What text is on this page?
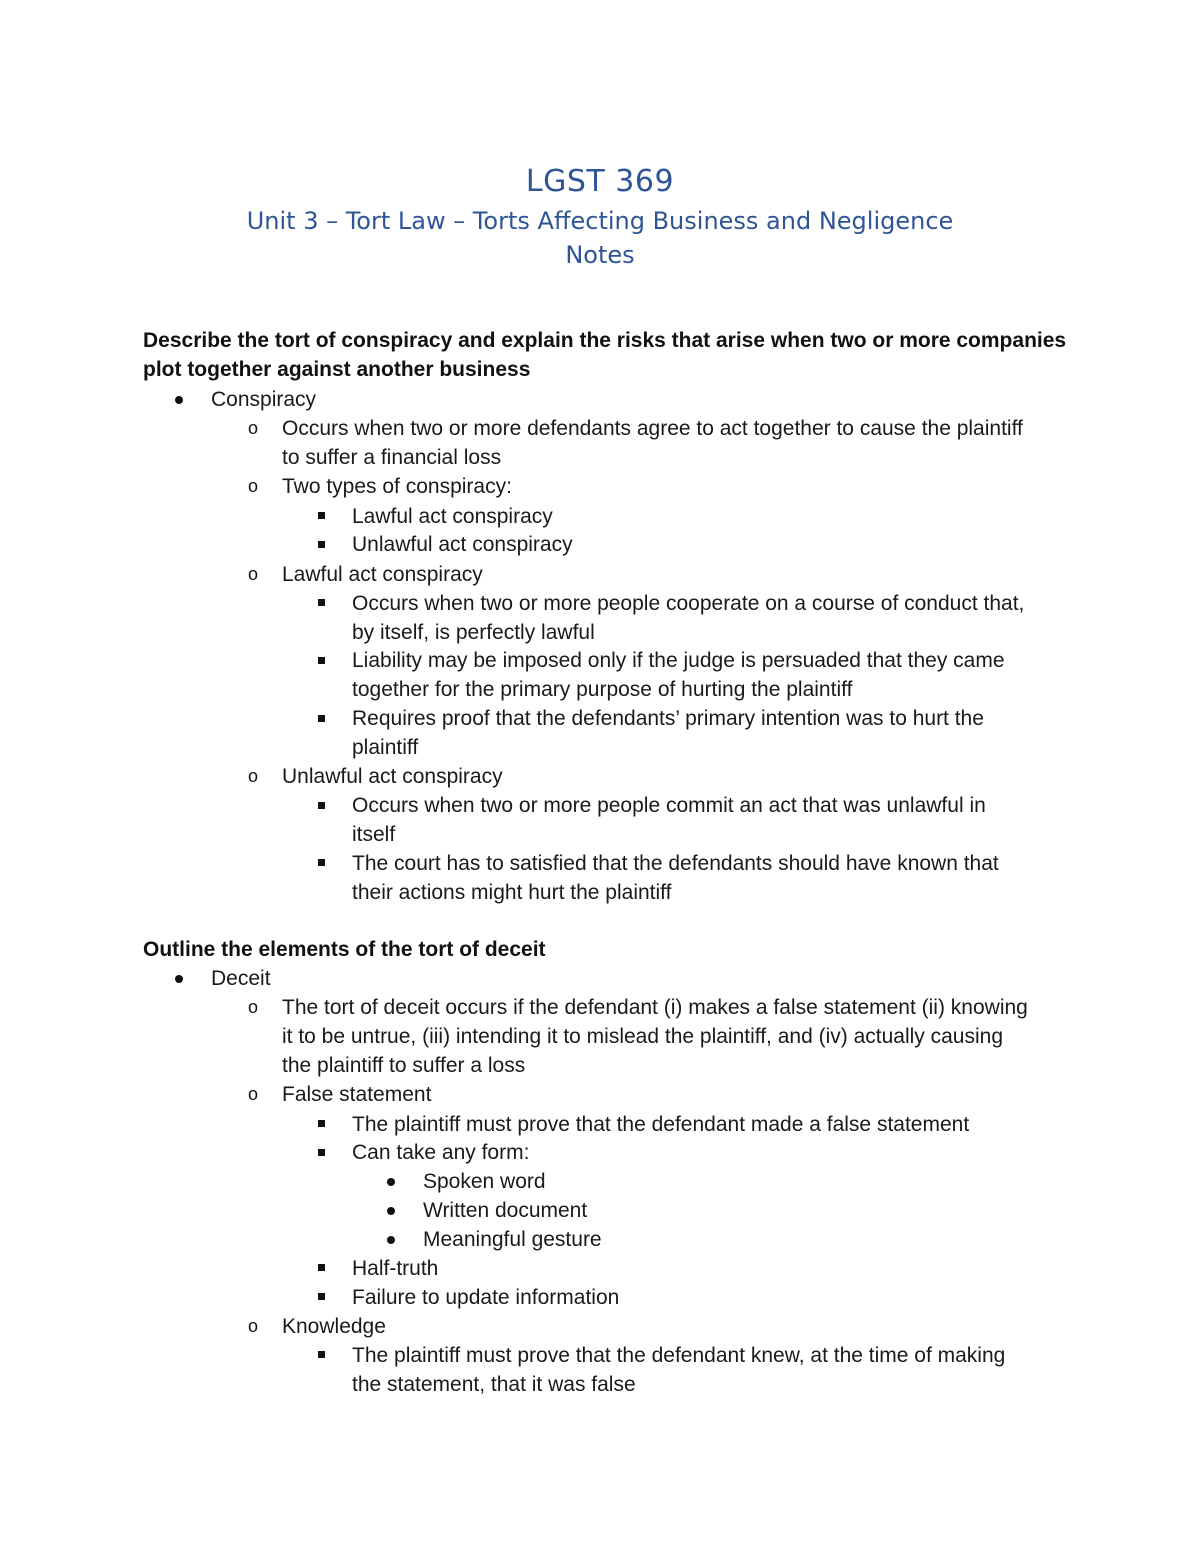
LGST 369
Unit 3 – Tort Law – Torts Affecting Business and Negligence
Notes
Describe the tort of conspiracy and explain the risks that arise when two or more companies
plot together against another business
Conspiracy
o Occurs when two or more defendants agree to act together to cause the plaintiff
to suffer a financial loss
o Two types of conspiracy:
Lawful act conspiracy
Unlawful act conspiracy
o Lawful act conspiracy
Occurs when two or more people cooperate on a course of conduct that,
by itself, is perfectly lawful
Liability may be imposed only if the judge is persuaded that they came
together for the primary purpose of hurting the plaintiff
Requires proof that the defendants’ primary intention was to hurt the
plaintiff
o Unlawful act conspiracy
Occurs when two or more people commit an act that was unlawful in
itself
The court has to satisfied that the defendants should have known that
their actions might hurt the plaintiff
Outline the elements of the tort of deceit
Deceit
o The tort of deceit occurs if the defendant (i) makes a false statement (ii) knowing
it to be untrue, (iii) intending it to mislead the plaintiff, and (iv) actually causing
the plaintiff to suffer a loss
o False statement
The plaintiff must prove that the defendant made a false statement
Can take any form:
Spoken word
Written document
Meaningful gesture
Half-truth
Failure to update information
o Knowledge
The plaintiff must prove that the defendant knew, at the time of making
the statement, that it was false
